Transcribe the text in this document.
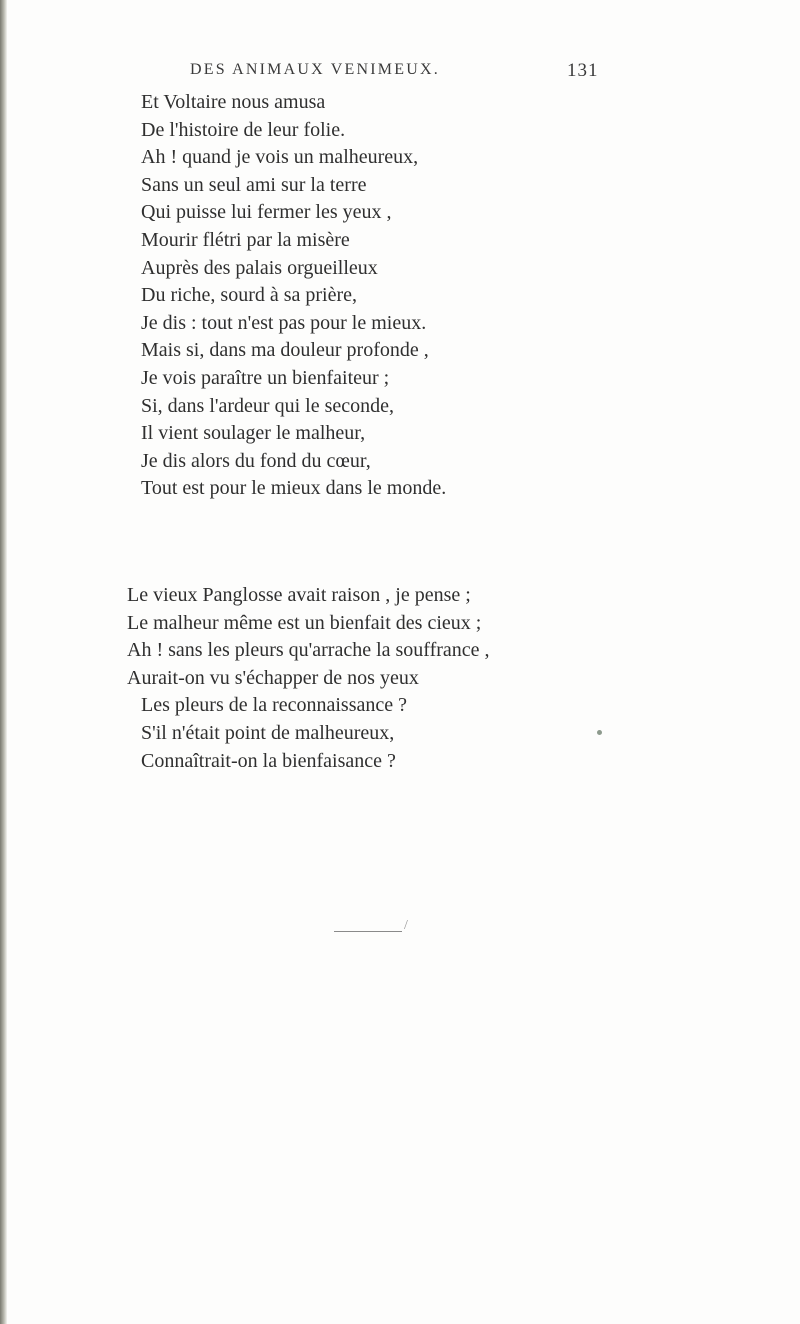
DES ANIMAUX VENIMEUX.	131
Et Voltaire nous amusa
De l'histoire de leur folie.
Ah ! quand je vois un malheureux,
Sans un seul ami sur la terre
Qui puisse lui fermer les yeux ,
Mourir flétri par la misère
Auprès des palais orgueilleux
Du riche, sourd à sa prière,
Je dis : tout n'est pas pour le mieux.
Mais si, dans ma douleur profonde ,
Je vois paraître un bienfaiteur ;
Si, dans l'ardeur qui le seconde,
Il vient soulager le malheur,
Je dis alors du fond du cœur,
Tout est pour le mieux dans le monde.
Le vieux Panglosse avait raison , je pense ;
Le malheur même est un bienfait des cieux ;
Ah ! sans les pleurs qu'arrache la souffrance ,
Aurait-on vu s'échapper de nos yeux
Les pleurs de la reconnaissance ?
S'il n'était point de malheureux,
Connaîtrait-on la bienfaisance ?
/
